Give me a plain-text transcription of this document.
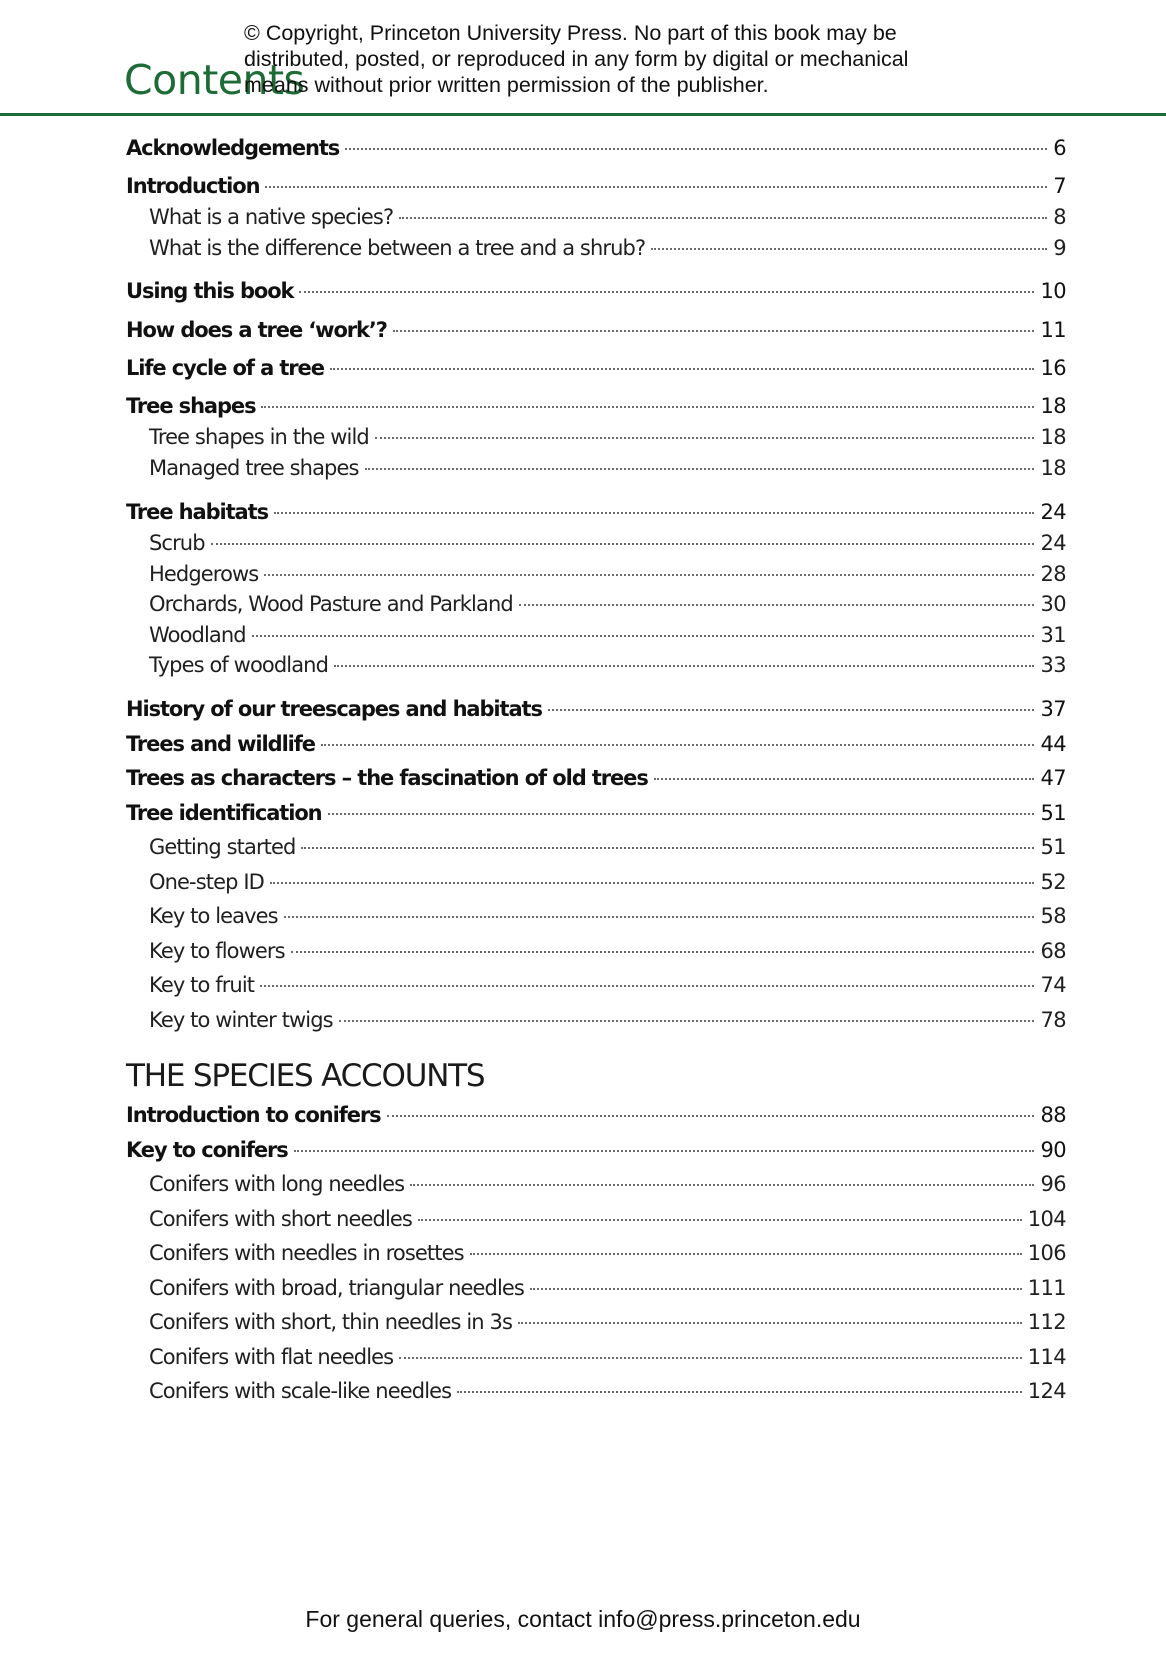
© Copyright, Princeton University Press. No part of this book may be distributed, posted, or reproduced in any form by digital or mechanical means without prior written permission of the publisher.
Contents
Acknowledgements	6
Introduction	7
What is a native species?	8
What is the difference between a tree and a shrub?	9
Using this book	10
How does a tree ‘work’?	11
Life cycle of a tree	16
Tree shapes	18
Tree shapes in the wild	18
Managed tree shapes	18
Tree habitats	24
Scrub	24
Hedgerows	28
Orchards, Wood Pasture and Parkland	30
Woodland	31
Types of woodland	33
History of our treescapes and habitats	37
Trees and wildlife	44
Trees as characters – the fascination of old trees	47
Tree identification	51
Getting started	51
One-step ID	52
Key to leaves	58
Key to flowers	68
Key to fruit	74
Key to winter twigs	78
Introduction to conifers	88
Key to conifers	90
Conifers with long needles	96
Conifers with short needles	104
Conifers with needles in rosettes	106
Conifers with broad, triangular needles	111
Conifers with short, thin needles in 3s	112
Conifers with flat needles	114
Conifers with scale-like needles	124
THE SPECIES ACCOUNTS
For general queries, contact info@press.princeton.edu
